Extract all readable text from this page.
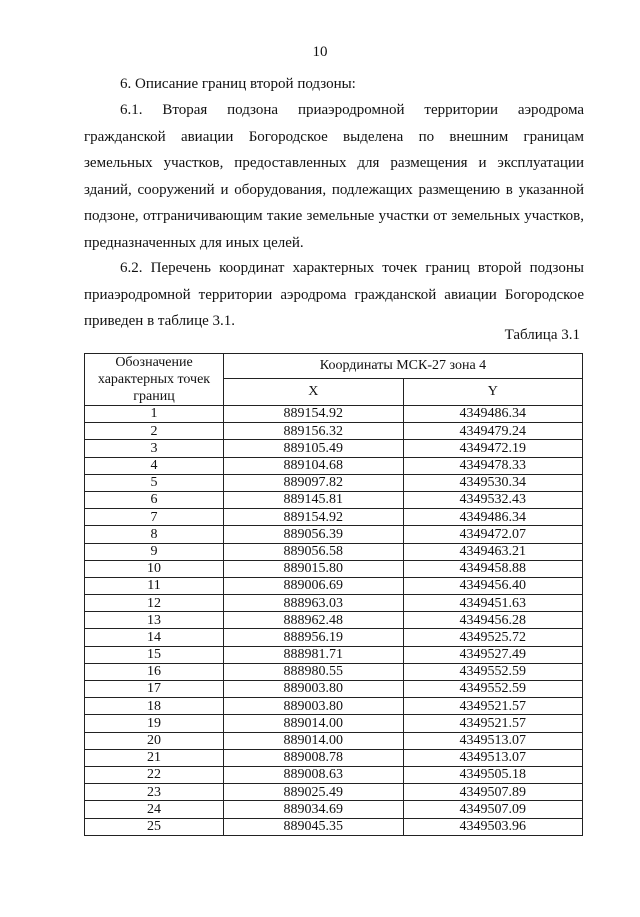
10
6. Описание границ второй подзоны:

6.1. Вторая подзона приаэродромной территории аэродрома гражданской авиации Богородское выделена по внешним границам земельных участков, предоставленных для размещения и эксплуатации зданий, сооружений и оборудования, подлежащих размещению в указанной подзоне, отграничивающим такие земельные участки от земельных участков, предназначенных для иных целей.

6.2. Перечень координат характерных точек границ второй подзоны приаэродромной территории аэродрома гражданской авиации Богородское приведен в таблице 3.1.

Таблица 3.1
Обозначение характерных точек границ	Координаты МСК-27 зона 4	
	X	Y
1	889154.92	4349486.34
2	889156.32	4349479.24
3	889105.49	4349472.19
4	889104.68	4349478.33
5	889097.82	4349530.34
6	889145.81	4349532.43
7	889154.92	4349486.34
8	889056.39	4349472.07
9	889056.58	4349463.21
10	889015.80	4349458.88
11	889006.69	4349456.40
12	888963.03	4349451.63
13	888962.48	4349456.28
14	888956.19	4349525.72
15	888981.71	4349527.49
16	888980.55	4349552.59
17	889003.80	4349552.59
18	889003.80	4349521.57
19	889014.00	4349521.57
20	889014.00	4349513.07
21	889008.78	4349513.07
22	889008.63	4349505.18
23	889025.49	4349507.89
24	889034.69	4349507.09
25	889045.35	4349503.96
